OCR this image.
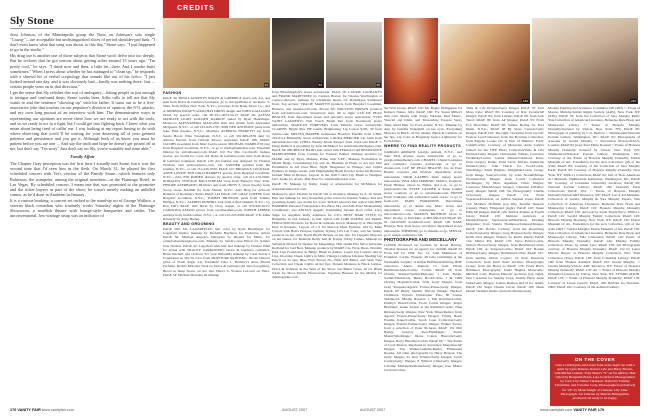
Sly Stone

Jessi Johnson, of the Minneapolis group the Time, on Johnson's solo single "Crazay"—are acceptable but undistinguished slices of period shoulder-pad funk. "I don't even know what that song was about, to this day," Stone says. "I just happened to go in the studio."

His drug use is another one of those subjects that Stone won't delve into too deeply. But he reckons that he got serious about getting sober around 15 years ago. "I'm pretty cool," he says. "I drink now and then, a little bit—beer. And I smoke butts sometimes." When I press about whether he has managed to "clean up," he responds with a shrewd bit of verbal cryptology that sounds like out of his lyrics: "I just looked around one day, and it was obviously bad—hardly was nothing there. Just ... certain people went on in that direction."

I get the sense that Sly relishes this sort of ambiguity—letting people in just enough to intrigue and confound them. Some weeks later, Arlin calls to tell me that Sly wants to and the sentence "showing up" with his father. It turns out to be a free-associative joke that touches on our populace's division of opinion, the 9/11 attacks, and my own long pursuit of an interview with him. The demonstrative ways in representing our opinions are never there how we are ready to act with the tools, and so we ready to act in a fight, but I could get into fighting back. I knew what you mean about being tired of callin' me. I was looking at my report having to do with where observing that you'd 'll be waiting for your deserving all of your greatest patience and persistence and you got it. Although both of us know you must be patient before you are one ... And say the truth and hope he doesn't get pissed off at me, but don't say "I'm sorry" Just don't say no Sly, you're waitable and rinse able."

Family Affair

The Chapter Gray perception was the first time I actually met Stone, but it was the second time that I'd seen him in the flesh. On March 31, he played his first scheduled concert with Vet's version of the Family Stone—which features only Robinson, the trumpeter, among the original members—at the Flamingo Hotel, in Las Vegas. By scheduled concert, I mean one that was promoted to the promoter and the ticket buyers as part of the show; he wasn't merely making an unbilled cameo, as he'd done in Anaheim in January.

It is a curious booking: a concert set tucked to the stand-up act of George Wallace, a veteran black comedian who routinely works Saturday nights in the Flamingo Showroom, a smallish theater with lounge-style banquettes and tables. The unconventional, low-wattage setup was an indicator of

CREDITS
34	56	80
182	184	240
FASHION

PAGE 34: DINA LAURENT'S ROLES & GABRIELE space sub, dot, and skin from Dolce & Gabbana boutiques; go to dolcegabbana.it; necklace, T-Shirt, from Jeffrey New York, N.Y.C.; bracelets from Daisy Dress Co.; and at DIORNIA WRAP'S GOOD HAT DRESS design and JOHN GALLIANO Dress, by special order, call 00-33-1-4073-54-27 PAGE 56: ALESSI MANIZZE LIGHT GOLDEN KARROT suited by Ryan Huntzinger, Monaco's ALESSANDRA MAGGINI shirt and chains from Alexander McQueen, N.Y.C., or call 212-645-1797. MIN NEE ANTHONY pants from Saks Fifth Avenue, N.Y.C.; Martina's ALBERTA FERRETTI top from Searle Boots; Nina Wrangham, N.Y.C. or call 561-686-2676 skirt by Alberta Ferretti, from Christie Moore; elsewhere PAGE 108: MARC JACOBS sweatshirt from Marc Jacobs stores; MICHAEL NAMELESS ring from Bergdorf Goodman, N.Y.C., or go to michaelnameless.com. Elizabeth Dindon for strivinbeauty.com PAGE 110: For Mio Cacchioli's fashion stories, see credits for cover. All Dolce & Gabbana pants suits from Dolce & Gabbana boutiques. PAGE 118: All fashion sets designed by Thomas Wodson; visit anchorselectro.com. J.K. SAWNER pendant from the Jennifer, N.Y.C., or call 212-226-9520, PAGE 122: BRIANA'S COCKTAIL ANNE LOUISE TEH GOLD BARRETT gowns, from Bergdorf Goodman, N.Y.C.; ZAC ESP ROMEO dresses; by special order, call 212-219-5920; RONALD'S VINTAGE BALLSTREAM wrap from Barney's New York, PHILIPE AZERBAIJE's DIANA's suit from DKNY 3, Jason Jewelry from Scoop stores NAOMI for from Shanel, N.Y.C. Alex Berg for Artwork Reunion of Rosemary Petals PAGE 144 PAGE 156: GRAY COFFEE from Bergdorf Goodman, N.Y.C.; TOMMY HILFIGER pants from Tommy Hilfiger, N.Y.C.; ALFRED DUNHILL belt from Alfred Dunhill, N.Y.C.; by Ron Fell's PAGE 160: Dress by Oroq, Aspen, or call 970-925-9215; CAROLINA AMATO gloves from carolinaamato.com. JUDITH LEIBER earrings from Judith Leiber, N.Y.C.; or call 212-223-2999 PAGE 176: Allan Kennedy for Kaay Barber.

BEAUTY AND GROOMING

PAGE 184: Mr. LAGERFELD's hair color by Ryan Huntzinger for Lagerfeld Studio; makeup by Rachelle Hayhurst for Exclusive Artists PAGE 36: Michael Angelo's hairstyles by Dionna for Mario, for orlandoelsewherephotos.com. Makeup by Sandra Jane Elliott for Sandra Jane Studios. PAGE 42: Lagerfeld with hair and makeup by Dionna Wahl for styled with TRACEY ZARKOWER's Dolce & Gabbana cosmetics. Brian Wachtel, and 16 more. For your bimonthly makeup by Carla-Tarvia 2 Foundation in 301.50 color from MOISTURE PAINTING. Nicole Dixon's gloss of Fresh Sugar Lip Treatment Tube 1, Burberry's Rose Bloom Perfume, Kiehl's Moisture Stick by Dolce & Gabbana (all shown together), Blood in Deep Space, on her lips. Here's to Yvonne LeCourt on Yutra. PAGE 54: Michael Montana 40 makeup

from Bloomingdale's stores nationwide. PAGE 56: LAURIE LAURANT'S and FRANK MARTTINEZ by Carmen Branco for Charles Worthington at vogue.com/soon. makeup by Christiana Reyes for Dominique Sanderson from. Top section: TRACIE MARTYN products from Bergdorf Goodman, Barneys, and treasurecom.com. Brown lift: NOLSTON BROWN products from nolstonbrown.com. Strawberry skin: lift to light: CLÉ DE PEAU BEAUTÉ from department stores and specialty stores nationwide. YVES SAINT LAURENT's Full Touch Brush Pen from Nordstrom stores nationwide; MAKE-UP FOREVER's Lash Miracle stores nationwide; CLARINS Bright Plus HP Gentle Brightening Lip Lotion $195, 30 from clarins.com; MELVIN HARPER Gemstones Bourbon Elastine from 1-800-222-0114 Bimonthly stores nationwide; LAURA MERCIER Lip Stain from laurarmercier.com. CHELL Beauty Kiosk Sleeper from bond.com PAGE 7: Doug Rembar is grooming by Sean McMahon for artistlondonbridgepro.com. PAGE 84: MICHELLE HAIR's hair styled with FEKKAI CAP RESISTANCE MANEGENDER from Carmen for Frederic Fekkai. Makeup products by MARK and by Ryan, Makeup Prime with S.P.F., Makeup Foundation in Miami Beige, Conditioning Lip and ok, Blushies in Flush, to Art upt, Diet Prohibition in All Over Blue, Night Sunglasses in Vintage, and Liquid Eyeliner in Jungle Green, with Highlighting Blush Powder in the All Bronzer, Golden Mint in Bronze, Lagoon in the Wall Colors Lip Blush to Designer Girl. Ayako for Aveda. Hair Boss for artdomainlondon.com.

PAGE 78: Makeup by Kathy Jeung at artistwebsite for McMahon for artistdomainlondon.com.

Makeup by Alex Thomas by PAGE 102 at Gianluca. Makeup by A. W. Watts. Hair and makeup by Jerry Rosenthal at the salons for Kaiden, Sakura. hair and grooming details, see credits for cover. SKEAS mercer's hair styled with JEFF HAMMER Personal Transparence Pre-Blow Dry and Anti-Frizz Moisturizing Conditioner; and ANITA'S Angelic Volumizing System Root Lifter. Lucy Snips for Angeline Ruby Adamson for C.P.'s NEXT HAIR STYLE by Benjamin, in fast fashion, as hair styled with LORI WOODS and MARC FERGUSON Products for Dolce & Gabbana Gown. Makeup by A. Burroughs Pure in Rossano, Lagoon of a 6 for Maroon Daze Eyeliner, and by Mme Carroll with Hair's Enrique Jaymes! Styling Lil's Lip Color, and her beauty products on her chin. Naval Beach Bronze on her lips, for Lingerie Mascara on her lashes, for Kenneth Dettly hair & Trendy Sticky Lashes. Makeup by Sebastian Mcleod by Dionne for Maquillage. Hair Oudin Elia Salon Sebastian Rechand for Girl Best. Makeup products by MARE Cle. Wrap Dress, Dorothy Park Lips Foundation in Beige, Blush in Amber, Lopex Lip Lacquer and in Lips. Doorstep Cheek Light's in Mint, Vintage Lyndinas Lifeplan Shading Lip Pencil on its lips, Blue Flux Brown No. Fifth and Ballet, and Skin Tone Collection and Cheek Lights on her lips. Doreen Manassa is Black Latinas, Dolce & Gabbana in the West of the Show. Jon Butler Gloss, all for Black Sarah for Moor Painter Photoscreen. Tagaluxe Beteasa for the Marble for diptmagazine.com.

the Wall Group. PAGE 120: Mr. Begin: Philippines for Kakas's Nature Jelly. PAGE 160: For Susan Miller's skin care: Marks with Scipio Saldana, Paul Mauro, Visscial and Klein, and Treasonline Treason Spray Tims, Redd Hair for Ford Artists, N.Y.C. Makeup by Ann by Gemma Wakefield on her eyes. Everything Mascara in Black, on her cheeks, Blush in Carmen; on her lips, Lip Color in Burgundy Jessica Lightsonly for Ford Artists.

WHERE TO FIND REALITY PRODUCTS

GIORGIO ARMANI: Giorgio Armani, N.Y.C., and Saks Fifth Avenue stores nationwide; or go to giorgioarmanibeauty.com. CHANEL: Chanel boutiques and cosmetics counters nationwide; or go to chanel.com. CLÉ DE PEAU BEAUTÉ: Cle de Peau Beauté counters and lifestyle department stores nationwide. DIOR LASHES, main luxury stores nationwide; ISSA AND DOMINIC SMALL Products: Fresh Hildaus, where in. Elkins, and L.A., or go to perpleteam.com. ESTEE LAUDER at Estée Lauder stores counters; or go to esteelauder.com. FRESH Fresh boutiques and authorized retail stores; or go to fresh.com. PARIS HARMONIS. Department nationwide, or in dental use. MAC stores and department stores nationwide; or go to maccosmetics.com. MARIO'S BIOTHON Gloss to Marc Jacobs; or find Marc at 800-950-6116 PAGE 90-91 JACKSON nordstrom.com; PAGE 106 NAM: Barneys New York stores and major department stores nationwide. SHISEIDO: go to shiseido.co.jp; SENSAI: go to sensai-cosmetics.com.

PHOTOGRAPHS AND MISCELLANY

COVER Produced on location by Raoul Herzog, Thomas Dawson for an agency for rbsmith. PAGE 52 From DP for VIM, Inc. 12. John Mathieson of Frankfurt, Corbis, Wuerde; 48 Gale Cummings at the Westerkirk Graphic at Ralph Hoffmann/Stiftung BDE collection, Ahern, Ramont Cr from Eileen Hoffmann/Aisle/Corbis; Corbis. PAGE 58 from Claude. Shimon/Stubbs/Photonet; 1 Tom Bergh, Sorlier/Thinkstock, Hinko Bock/Corbis 1 & 1999 Charley Hogarth/Corbis; from Getty Images, from Greg Pasquale/Agence France-Presse/Getty Images; PAGE 60 Henry Denim; Harold Winkle, Heribert Chambers, Francis Christopher Plas; 80 Louisa Shashkova, Martha Roberts; 1 Tim Robbins/Corbis, Prebby's Hotel/Corbis. From Corbis Images; Roger Brammer; Annie Seaton at the Rammer/Corbis; Nina Ribbons/Getty Images; New York Times/Redux; from Agence France-Presse/Getty Images; Trinity Reed; Freddie Kane/Corbis, Sarah Lane Collection/Getty Images; Francis Farmer/Getty Images; Walker Evans; from a selection of Peter Pictures; PAGE 152 Phil Bailey; Gregory Pace/FilmMagic; Kevin Mazur/WireImage; Diane Cohen Hancock/Getty Images; Barry Hundley/Corbis; PAGE 66 © The Estate of Cecil Beaton. Reprinted in Seventeen Magazine/AP Images; Tate Walker/Gamma-Rapho, Emmanuel Rourke. All other photographs by Harry Benson. The Getty Images; 22 Karl Winters/Getty Images; Jacob Conley/Getty Images; 8 Wilfred Chiu/Getty Images; Caroline Maddie/Redferns/Getty Images; Ken Mahar Gordon/Corbis.

Time & Life Pictures/Getty Images PAGE 78: Tom Moss Lyle; PAGE 80: Courtesy of Ray Cerutti/AP Images; PAGE 84: from Liliane; PAGE 88: from Jack Tirrel; PAGE 90: from AP Images; PAGE 93: From Fox Photofiles; PAGE 96: Sabine Hering for Fred Imlen, N.Y.C.; PAGE 98 By Steve Cannon/Getty Images; PAGE 102: The right, clockwise from top left: Frances Lew/Universal; from the Bowman Collection; from Eugene Cooke, (in 'A Year of Dehmar', Eddy' Cahill/Corbis; Courtesy of Mercedes Anda Cabrita Gilbert for the LIFE Photo Collection/Time & Life Pictures/Getty Images; Christopher Wilkes; Lawrence Wodinsky/Corbis; Joanne Manna/Gladstone Press; from Gregory Ranie; Prinz Sarah Jeffries; Katherine Daniel/Corbis; John Harris for Ford/Corbis, WireImage; Mark Hughes; ImageRite/Lexon Group; from Image Source/Corbis; by John Nordell/Image WorldAndron Images; from Corbis Collection Inc/Images; by Marc Agustinis Clinic Images; Lawrence Mandel/Getty Images; Christina DiTullio/ Getty Images; PAGE 108: SG Photography; Charlie Gray/Getty Images; PAGE 112: From Sopranos/Photofest, on Gillian Stephen Jones; PAGE 114: Matthew Hoffman (top left), Jennifer Deutsch (center), Henry Fitzgerald (right), PAGE 120: Susan Ellis/AP Images; PAGE 126: Patrick Rourke at Fourth Gloss; PAGE 130: Melanie Galloway at Dennis/Pioneer Sportswear/AmbioHawk, Morning Magazine; from Valerie Thompson/Jameson/Images. PAGE 136: Robert Cadway; from the Rosenberg Collection/Getty Images; Greg Harrison/Getty Images; Keith Jorel Images; Shutter; by Kevin Mazur; PAGE 142: Mirror Pix; PAGE 155: Steve Ermo/Corbis, Nelson Hoover/Getty Images; from Bettmann/Corbis; PAGE 159: A: Scheers/Corbis; PAGE 163: Bonnie Hollister/Getty Images; Bettmann/Corbis; PAGE 167: from Andrea Dolan Cooper; 10 Paul Petersons Collection; from Pearl Pearl Archive: Photography Group; from the Hotel to PAGE 176: From Harry Baltimore Photography; Paula Hughes Morecamp; Mitchell Cody Duncan Historic Archives (top right), Don Cornelius for Sammy Cope; Jeremy Hays; Anne Snitz/Getty Images; Joshua Reuben and D for Adam, PAGE 182 Sugar Dream Circle; PAGE 185: Mark Daniel Weindel Studio. (bottom: Shutterstock).

Modern Painting and Sculpture Committee (90.1993) © Estate of Marcus Murphy/Artists Rights Society (ARS), New York. NY (XIX). PAGE 78: from the Collection of Sara Murphy Parm; Yale Collection of American Literature, Beinecke Rare Book and Manuscript Library © Estate of Honoria Murphy Donnelly/licensed by VAGA, New York, NY; PAGE 80: Photograph of painting by C.G. Bertolo © Smithsonian/National Portrait Gallery, Washington, DC; PAGE 82: Photographs of artworks by Gerald Murphy, © Succession Picasso/DACS, London; PAGE 84 (top): Paul Marie Rouault © Estate of Honoria Murphy Donnelly/ licensed by VAGA, New York, NY; Smithsonian/National Portrait Gallery, Washington, DC; Courtesy of the Estate of Honoria Murphy Donnelly; Dallas Museum of Art, Foundation for the Arts Collection, gift of the artist; PAGE 86: Courtesy of the Collection of Sara Murphy Parm; PAGE 90: Courtesy of Honoria Murphy Donnelly, New York, NY; 2006-11 Collection; PAGE 92: Gift of Hon. American Art Museum, Smithsonian Institution, Washington, DC; PAGE 96: Courtesy of Columbia University Archives; PAGE 98: National Portrait Gallery; PAGE 100: Donnelly Paris Collections; PAGE 104: © Estate of Honoria Murphy Donnelly/VAGA/ART Resource, NY; PAGE 112 of Art Museum, Collection of Gerald, Murphy & Sara Murphy Papers, Yale Collection of American Literature, Beinecke Rare Book and Manuscript Library. PAGE 116: Honoria Murphy Donnelly Collection; PAGE 120: Artwork by Sarah Tingle Price, 2006-11, PAGE 122: Gerald Murphy Family Collection; PAGE 128: Honoria Murphy Donnelly, New York, NY; PAGE 132: Dollar Museum of Art, Foundation for the Arts Collection, gift of the artist 1963 © Gerald Murphy; Dallas Museum of Art; PAGE 136: Yale Collection of American Literature, Beinecke Rare Book and Manuscript Library, Yale University; PAGE 140: Estate of Honoria Murphy Donnelly; PAGE 144: Murphy Family Collection. Photo by Adam Lyle; PAGE 150: All Photographs courtesy of Honoria Murphy Donnelly, PAGE 152 by Laura Marcus Rupert at Honoria Murphy Collection, New York Collection (Tate), PAGE 158: from Columbia Library; PAGE 160: from Thomas Ashland; PAGE 162: Gerald Murphy, © Gerald Murphy/VAGA/ ART Resource, NY; Estate of Honoria Murphy Donnelly; PAGE 170: Art © Estate of Honoria Murphy Donnelly/Licensed by VAGA, New York, NY. SYNDICATION. PAGE 176: © Estate of Honoria Murphy Donnelly; PAGE 178: Courtesy of Liesel Carroll; PAGE 180: Barbara Ira Newman, 2002; PAGE 182: Courtesy of the Ashland Gallery.

ON THE COVER
Gina Lollobrigida and Liesel Jolie at the night out with a spirit by Lynn Roberts, Robert Lyle and Barry Brown, with Michel Gomez; Toby Sheer's "S" on fur edition. Hair styled by Benjamin Boris; Lara is Oxford. Photographed by Carl; 4 by Simon Thomson. Styled by Tommy Turrentine, and Caroline Cody. Photographed exclusively for V.F. by Mark Seliger at Chateau, Lily Lake Photograph. All Chateau by Marvin Bellagamba; produced; all ready to be happy.
176 VANITY FAIR www.vanityfair.com	AUGUST 2007	AUGUST 2007	www.vanityfair.com VANITY FAIR 179
